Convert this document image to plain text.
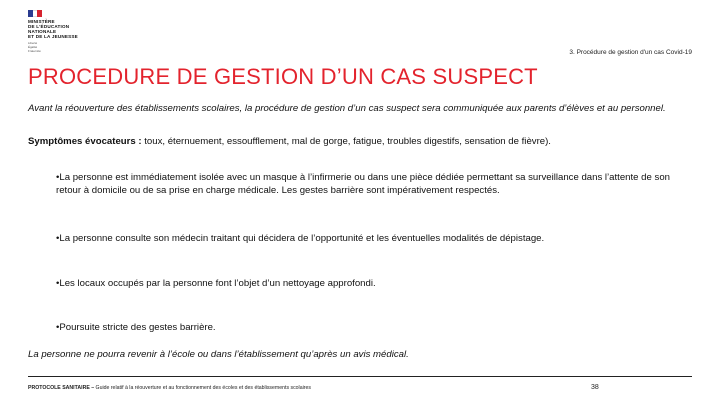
MINISTÈRE
DE L'ÉDUCATION
NATIONALE
ET DE LA JEUNESSE
Liberté
Égalité
Fraternité	3. Procédure de gestion d'un cas Covid-19
PROCEDURE DE GESTION D’UN CAS SUSPECT

Avant la réouverture des établissements scolaires, la procédure de gestion d’un cas suspect sera communiquée aux parents d’élèves et au personnel.

Symptômes évocateurs : toux, éternuement, essoufflement, mal de gorge, fatigue, troubles digestifs, sensation de fièvre).

•La personne est immédiatement isolée avec un masque à l’infirmerie ou dans une pièce dédiée permettant sa surveillance dans l’attente de son retour à domicile ou de sa prise en charge médicale. Les gestes barrière sont impérativement respectés.

•La personne consulte son médecin traitant qui décidera de l’opportunité et les éventuelles modalités de dépistage.

•Les locaux occupés par la personne font l’objet d’un nettoyage approfondi.

•Poursuite stricte des gestes barrière.

La personne ne pourra revenir à l’école ou dans l’établissement qu’après un avis médical.

PROTOCOLE SANITAIRE – Guide relatif à la réouverture et au fonctionnement des écoles et des établissements scolaires	38
